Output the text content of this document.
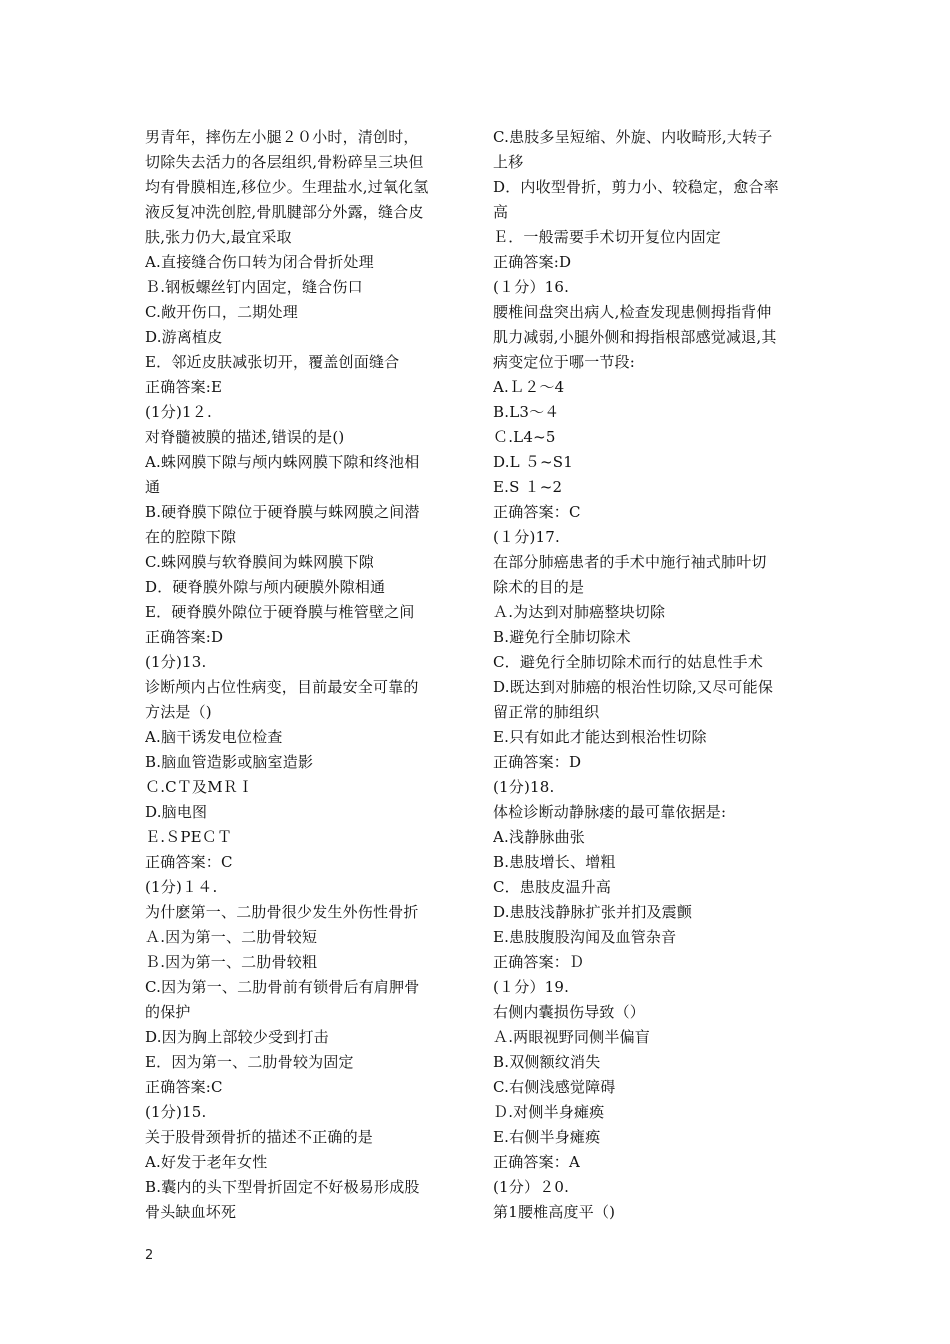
男青年，摔伤左小腿２０小时，清创时，
切除失去活力的各层组织,骨粉碎呈三块但
均有骨膜相连,移位少。生理盐水,过氧化氢
液反复冲洗创腔,骨肌腱部分外露，缝合皮
肤,张力仍大,最宜采取
A.直接缝合伤口转为闭合骨折处理
Ｂ.钢板螺丝钉内固定，缝合伤口
C.敞开伤口，二期处理
D.游离植皮
E．邻近皮肤减张切开，覆盖创面缝合
正确答案:E
(1分)1２.
对脊髓被膜的描述,错误的是()
A.蛛网膜下隙与颅内蛛网膜下隙和终池相
通
B.硬脊膜下隙位于硬脊膜与蛛网膜之间潜
在的腔隙下隙
C.蛛网膜与软脊膜间为蛛网膜下隙
D．硬脊膜外隙与颅内硬膜外隙相通
E．硬脊膜外隙位于硬脊膜与椎管壁之间
正确答案:D
(1分)13.
诊断颅内占位性病变，目前最安全可靠的
方法是（)
A.脑干诱发电位检查
B.脑血管造影或脑室造影
Ｃ.CＴ及MＲＩ
D.脑电图
Ｅ.ＳPEＣＴ
正确答案：C
(1分)１４.
为什麽第一、二肋骨很少发生外伤性骨折
Ａ.因为第一、二肋骨较短
Ｂ.因为第一、二肋骨较粗
C.因为第一、二肋骨前有锁骨后有肩胛骨
的保护
D.因为胸上部较少受到打击
E．因为第一、二肋骨较为固定
正确答案:C
(1分)15.
关于股骨颈骨折的描述不正确的是
A.好发于老年女性
B.囊内的头下型骨折固定不好极易形成股
骨头缺血坏死
C.患肢多呈短缩、外旋、内收畸形,大转子
上移
D．内收型骨折，剪力小、较稳定，愈合率
高
Ｅ．一般需要手术切开复位内固定
正确答案:D
(１分）16.
腰椎间盘突出病人,检查发现患侧拇指背伸
肌力减弱,小腿外侧和拇指根部感觉减退,其
病变定位于哪一节段:
A.Ｌ２～4
B.L3～４
Ｃ.L4~5
D.L ５~S1
E.S １~2
正确答案：C
(１分)17.
在部分肺癌患者的手术中施行袖式肺叶切
除术的目的是
Ａ.为达到对肺癌整块切除
B.避免行全肺切除术
C．避免行全肺切除术而行的姑息性手术
D.既达到对肺癌的根治性切除,又尽可能保
留正常的肺组织
E.只有如此才能达到根治性切除
正确答案：D
(1分)18.
体检诊断动静脉瘘的最可靠依据是:
A.浅静脉曲张
B.患肢增长、增粗
C．患肢皮温升高
D.患肢浅静脉扩张并扪及震颤
E.患肢腹股沟闻及血管杂音
正确答案：Ｄ
(１分）19.
右侧内囊损伤导致（）
Ａ.两眼视野同侧半偏盲
B.双侧额纹消失
C.右侧浅感觉障碍
Ｄ.对侧半身瘫痪
E.右侧半身瘫痪
正确答案：A
(1分）２0.
第1腰椎高度平（)
2
